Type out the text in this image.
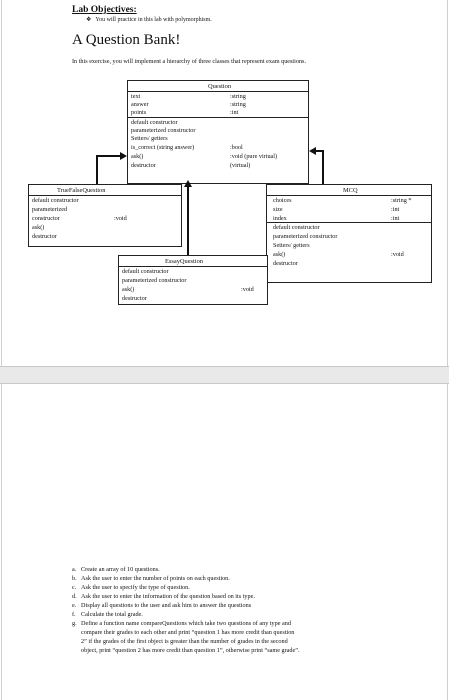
Lab Objectives:
❖ You will practice in this lab with polymorphism.
A Question Bank!
In this exercise, you will implement a hierarchy of three classes that represent exam questions.
Question
text	:string
answer	:string
points	:int
default constructor
parameterized constructor
Setters/ getters
is_correct (string answer)	:bool
ask()	:void (pure virtual)
destructor	(virtual)
TrueFalseQuestion
default constructor
parameterized
constructor	:void
ask()
destructor
MCQ
choices	:string *
size	:int
index	:int
default constructor
parameterized constructor
Setters/ getters
ask()	:void
destructor
EssayQuestion
default constructor
parameterized constructor
ask()	:void
destructor
a. Create an array of 10 questions.
b. Ask the user to enter the number of points on each question.
c. Ask the user to specify the type of question.
d. Ask the user to enter the information of the question based on its type.
e. Display all questions to the user and ask him to answer the questions
f. Calculate the total grade.
g. Define a function name compareQuestions which take two questions of any type and
compare their grades to each other and print “question 1 has more credit than question
2” if the grades of the first object is greater than the number of grades in the second
object, print “question 2 has more credit than question 1”, otherwise print “same grade”.
